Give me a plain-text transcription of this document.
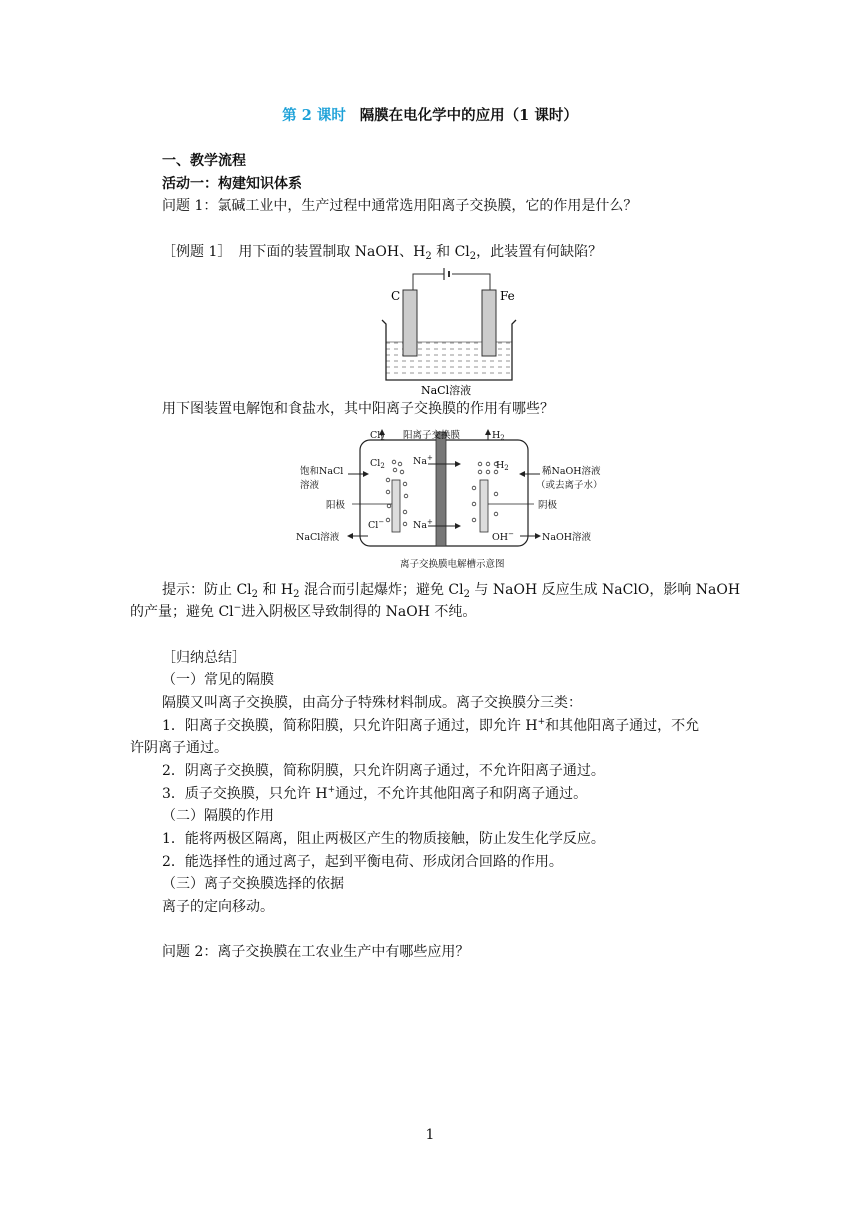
第 2 课时 隔膜在电化学中的应用（1 课时）
一、教学流程
活动一：构建知识体系
问题 1：氯碱工业中，生产过程中通常选用阳离子交换膜，它的作用是什么？
［例题 1］　用下面的装置制取 NaOH、$H_2$ 和 $Cl_2$，此装置有何缺陷？
C	Fe
NaCl溶液
用下图装置电解饱和食盐水，其中阳离子交换膜的作用有哪些？
$Cl_2$ 阳离子交换膜	$H_2$
$Cl_2$	Na+
$H_2$
饱和NaCl
溶液
稀NaOH溶液
（或去离子水）
阳极	阴极
Cl−	Na+
OH−
NaCl溶液	NaOH溶液
离子交换膜电解槽示意图
提示：防止 $Cl_2$ 和 $H_2$ 混合而引起爆炸；避免 $Cl_2$ 与 NaOH 反应生成 NaClO，影响 NaOH
的产量；避免 Cl−进入阴极区导致制得的 NaOH 不纯。
［归纳总结］
（一）常见的隔膜
隔膜又叫离子交换膜，由高分子特殊材料制成。离子交换膜分三类：
1．阳离子交换膜，简称阳膜，只允许阳离子通过，即允许 H+和其他阳离子通过，不允
许阴离子通过。
2．阴离子交换膜，简称阴膜，只允许阴离子通过，不允许阳离子通过。
3．质子交换膜，只允许 H+通过，不允许其他阳离子和阴离子通过。
（二）隔膜的作用
1．能将两极区隔离，阻止两极区产生的物质接触，防止发生化学反应。
2．能选择性的通过离子，起到平衡电荷、形成闭合回路的作用。
（三）离子交换膜选择的依据
离子的定向移动。
问题 2：离子交换膜在工农业生产中有哪些应用？
1
